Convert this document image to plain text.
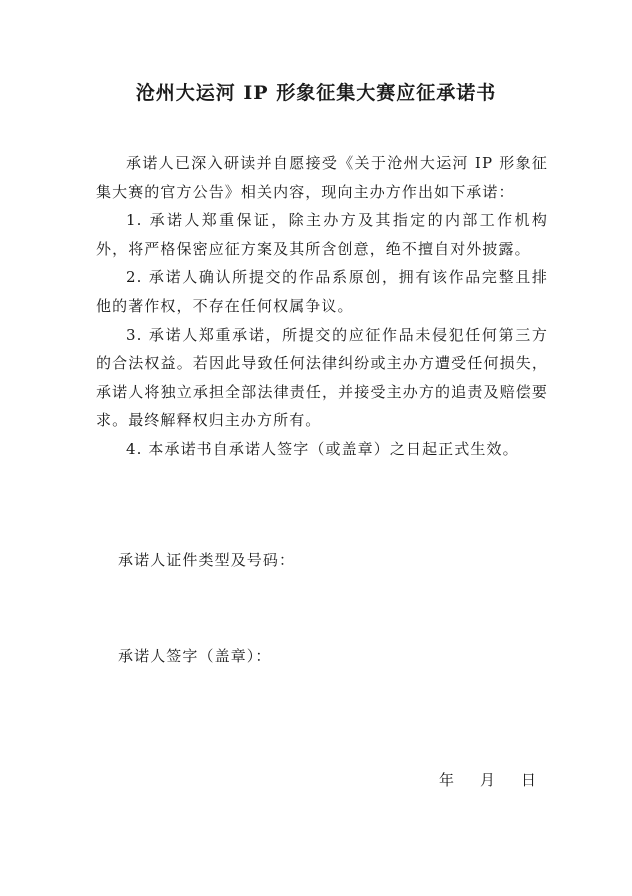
沧州大运河 IP 形象征集大赛应征承诺书

承诺人已深入研读并自愿接受《关于沧州大运河 IP 形象征集大赛的官方公告》相关内容，现向主办方作出如下承诺：

1. 承诺人郑重保证，除主办方及其指定的内部工作机构外，将严格保密应征方案及其所含创意，绝不擅自对外披露。

2. 承诺人确认所提交的作品系原创，拥有该作品完整且排他的著作权，不存在任何权属争议。

3. 承诺人郑重承诺，所提交的应征作品未侵犯任何第三方的合法权益。若因此导致任何法律纠纷或主办方遭受任何损失，承诺人将独立承担全部法律责任，并接受主办方的追责及赔偿要求。最终解释权归主办方所有。

4. 本承诺书自承诺人签字（或盖章）之日起正式生效。

承诺人证件类型及号码：

承诺人签字（盖章）：

年 月 日
